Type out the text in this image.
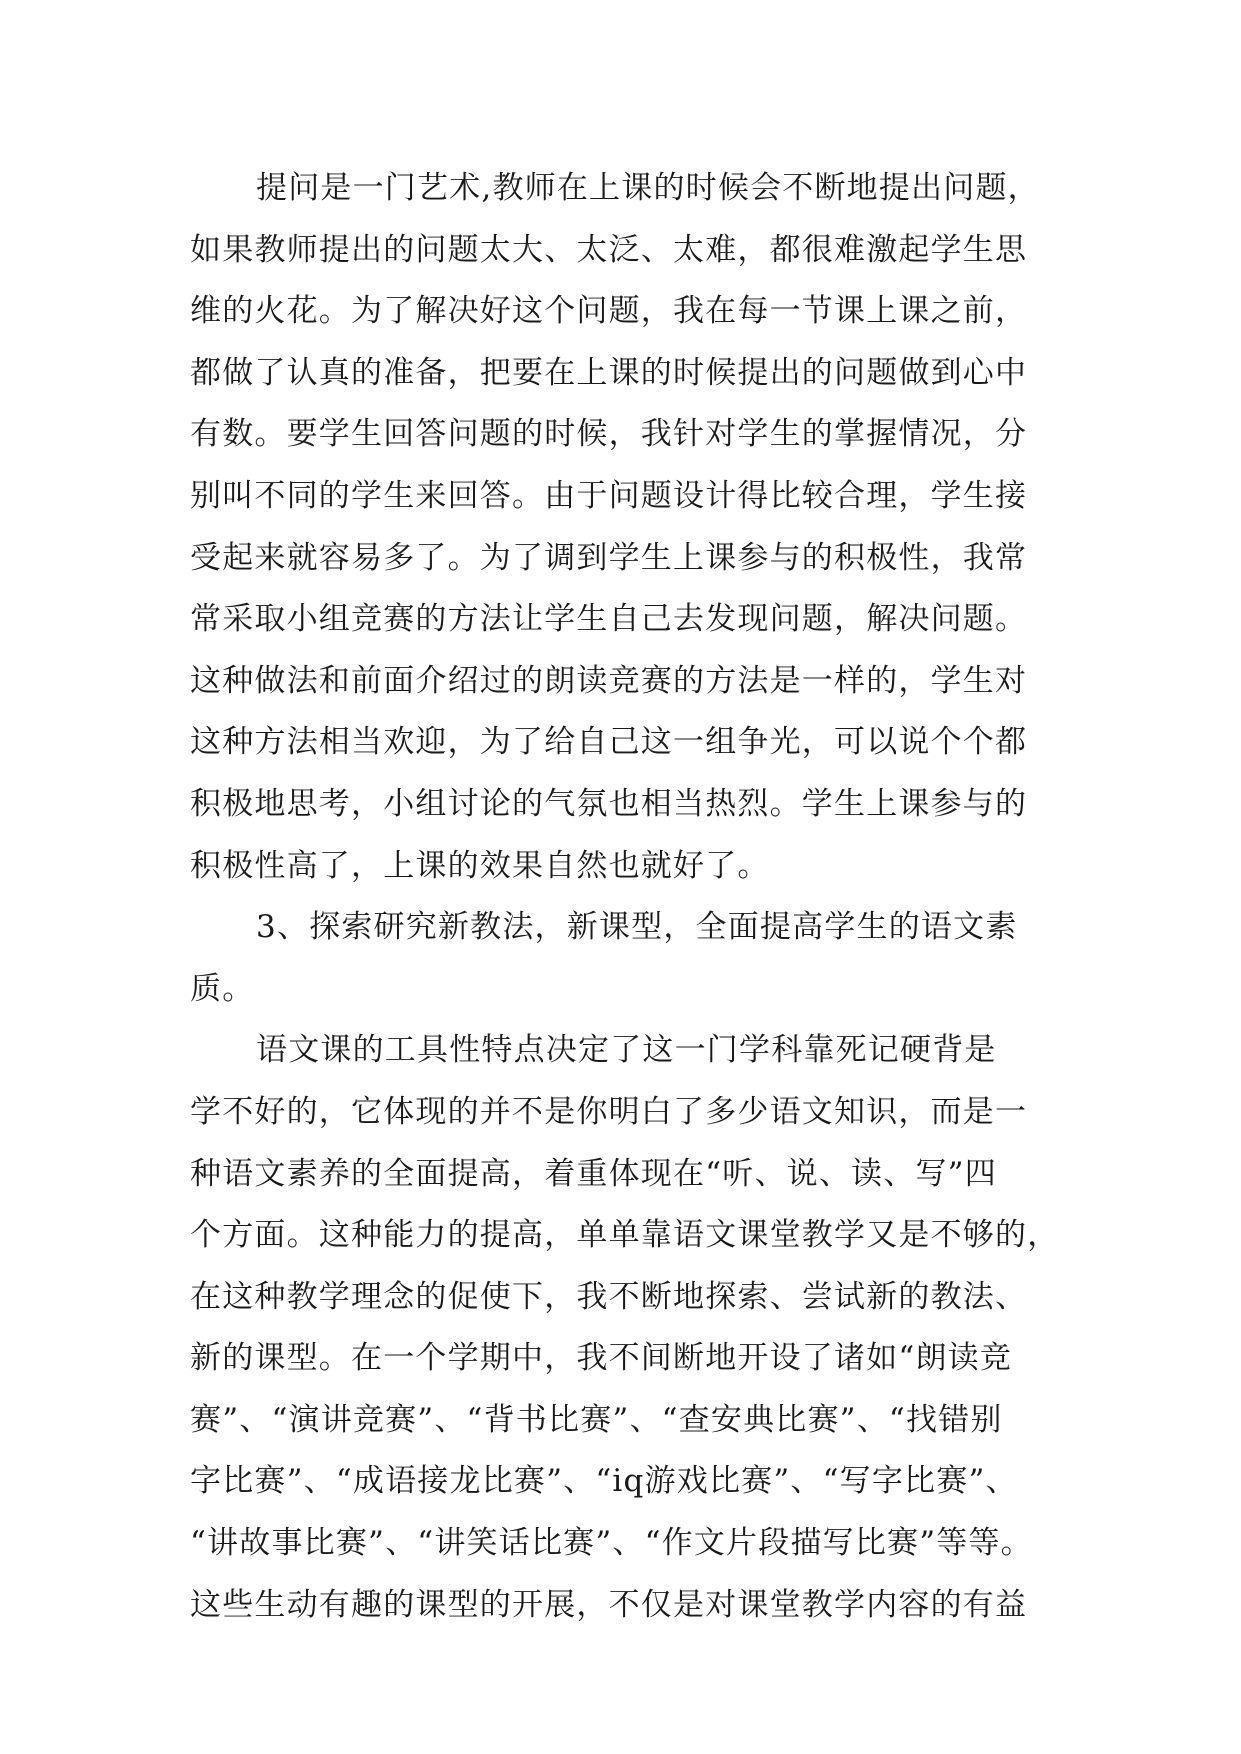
提问是一门艺术,教师在上课的时候会不断地提出问题，
如果教师提出的问题太大、太泛、太难，都很难激起学生思
维的火花。为了解决好这个问题，我在每一节课上课之前，
都做了认真的准备，把要在上课的时候提出的问题做到心中
有数。要学生回答问题的时候，我针对学生的掌握情况，分
别叫不同的学生来回答。由于问题设计得比较合理，学生接
受起来就容易多了。为了调到学生上课参与的积极性，我常
常采取小组竞赛的方法让学生自己去发现问题，解决问题。
这种做法和前面介绍过的朗读竞赛的方法是一样的，学生对
这种方法相当欢迎，为了给自己这一组争光，可以说个个都
积极地思考，小组讨论的气氛也相当热烈。学生上课参与的
积极性高了，上课的效果自然也就好了。
3、探索研究新教法，新课型，全面提高学生的语文素
质。
语文课的工具性特点决定了这一门学科靠死记硬背是
学不好的，它体现的并不是你明白了多少语文知识，而是一
种语文素养的全面提高，着重体现在“听、说、读、写”四
个方面。这种能力的提高，单单靠语文课堂教学又是不够的，
在这种教学理念的促使下，我不断地探索、尝试新的教法、
新的课型。在一个学期中，我不间断地开设了诸如“朗读竞
赛”、“演讲竞赛”、“背书比赛”、“查安典比赛”、“找错别
字比赛”、“成语接龙比赛”、“iq游戏比赛”、“写字比赛”、
“讲故事比赛”、“讲笑话比赛”、“作文片段描写比赛”等等。
这些生动有趣的课型的开展，不仅是对课堂教学内容的有益
